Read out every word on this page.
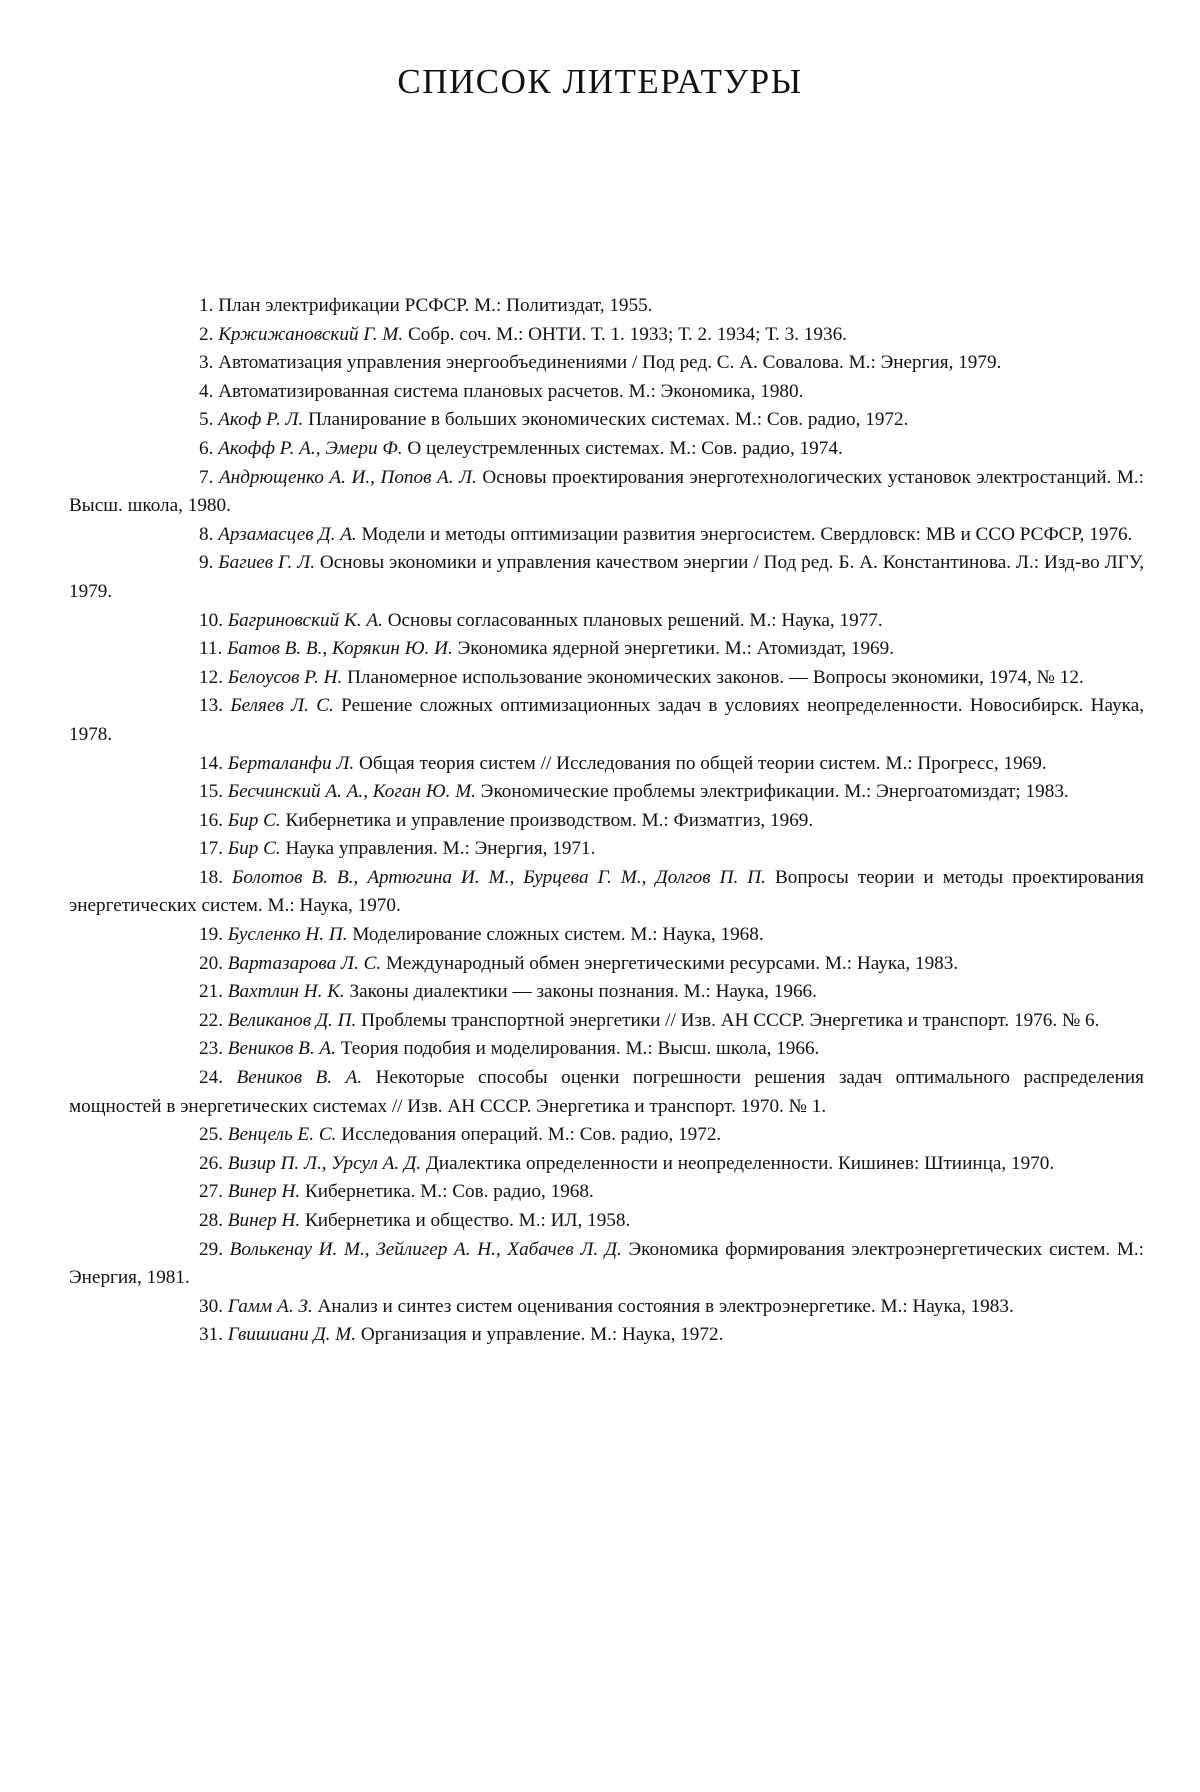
СПИСОК ЛИТЕРАТУРЫ
1. План электрификации РСФСР. М.: Политиздат, 1955.
2. Кржижановский Г. М. Собр. соч. М.: ОНТИ. Т. 1. 1933; Т. 2. 1934; Т. 3. 1936.
3. Автоматизация управления энергообъединениями / Под ред. С. А. Совалова. М.: Энергия, 1979.
4. Автоматизированная система плановых расчетов. М.: Экономика, 1980.
5. Акоф Р. Л. Планирование в больших экономических системах. М.: Сов. радио, 1972.
6. Акофф Р. А., Эмери Ф. О целеустремленных системах. М.: Сов. радио, 1974.
7. Андрющенко А. И., Попов А. Л. Основы проектирования энерготехнологических установок электростанций. М.: Высш. школа, 1980.
8. Арзамасцев Д. А. Модели и методы оптимизации развития энергосистем. Свердловск: МВ и ССО РСФСР, 1976.
9. Багиев Г. Л. Основы экономики и управления качеством энергии / Под ред. Б. А. Константинова. Л.: Изд-во ЛГУ, 1979.
10. Багриновский К. А. Основы согласованных плановых решений. М.: Наука, 1977.
11. Батов В. В., Корякин Ю. И. Экономика ядерной энергетики. М.: Атомиздат, 1969.
12. Белоусов Р. Н. Планомерное использование экономических законов. — Вопросы экономики, 1974, № 12.
13. Беляев Л. С. Решение сложных оптимизационных задач в условиях неопределенности. Новосибирск. Наука, 1978.
14. Берталанфи Л. Общая теория систем // Исследования по общей теории систем. М.: Прогресс, 1969.
15. Бесчинский А. А., Коган Ю. М. Экономические проблемы электрификации. М.: Энергоатомиздат; 1983.
16. Бир С. Кибернетика и управление производством. М.: Физматгиз, 1969.
17. Бир С. Наука управления. М.: Энергия, 1971.
18. Болотов В. В., Артюгина И. М., Бурцева Г. М., Долгов П. П. Вопросы теории и методы проектирования энергетических систем. М.: Наука, 1970.
19. Бусленко Н. П. Моделирование сложных систем. М.: Наука, 1968.
20. Вартазарова Л. С. Международный обмен энергетическими ресурсами. М.: Наука, 1983.
21. Вахтлин Н. К. Законы диалектики — законы познания. М.: Наука, 1966.
22. Великанов Д. П. Проблемы транспортной энергетики // Изв. АН СССР. Энергетика и транспорт. 1976. № 6.
23. Веников В. А. Теория подобия и моделирования. М.: Высш. школа, 1966.
24. Веников В. А. Некоторые способы оценки погрешности решения задач оптимального распределения мощностей в энергетических системах // Изв. АН СССР. Энергетика и транспорт. 1970. № 1.
25. Венцель Е. С. Исследования операций. М.: Сов. радио, 1972.
26. Визир П. Л., Урсул А. Д. Диалектика определенности и неопределенности. Кишинев: Штиинца, 1970.
27. Винер Н. Кибернетика. М.: Сов. радио, 1968.
28. Винер Н. Кибернетика и общество. М.: ИЛ, 1958.
29. Волькенау И. М., Зейлигер А. Н., Хабачев Л. Д. Экономика формирования электроэнергетических систем. М.: Энергия, 1981.
30. Гамм А. З. Анализ и синтез систем оценивания состояния в электроэнергетике. М.: Наука, 1983.
31. Гвишиани Д. М. Организация и управление. М.: Наука, 1972.
